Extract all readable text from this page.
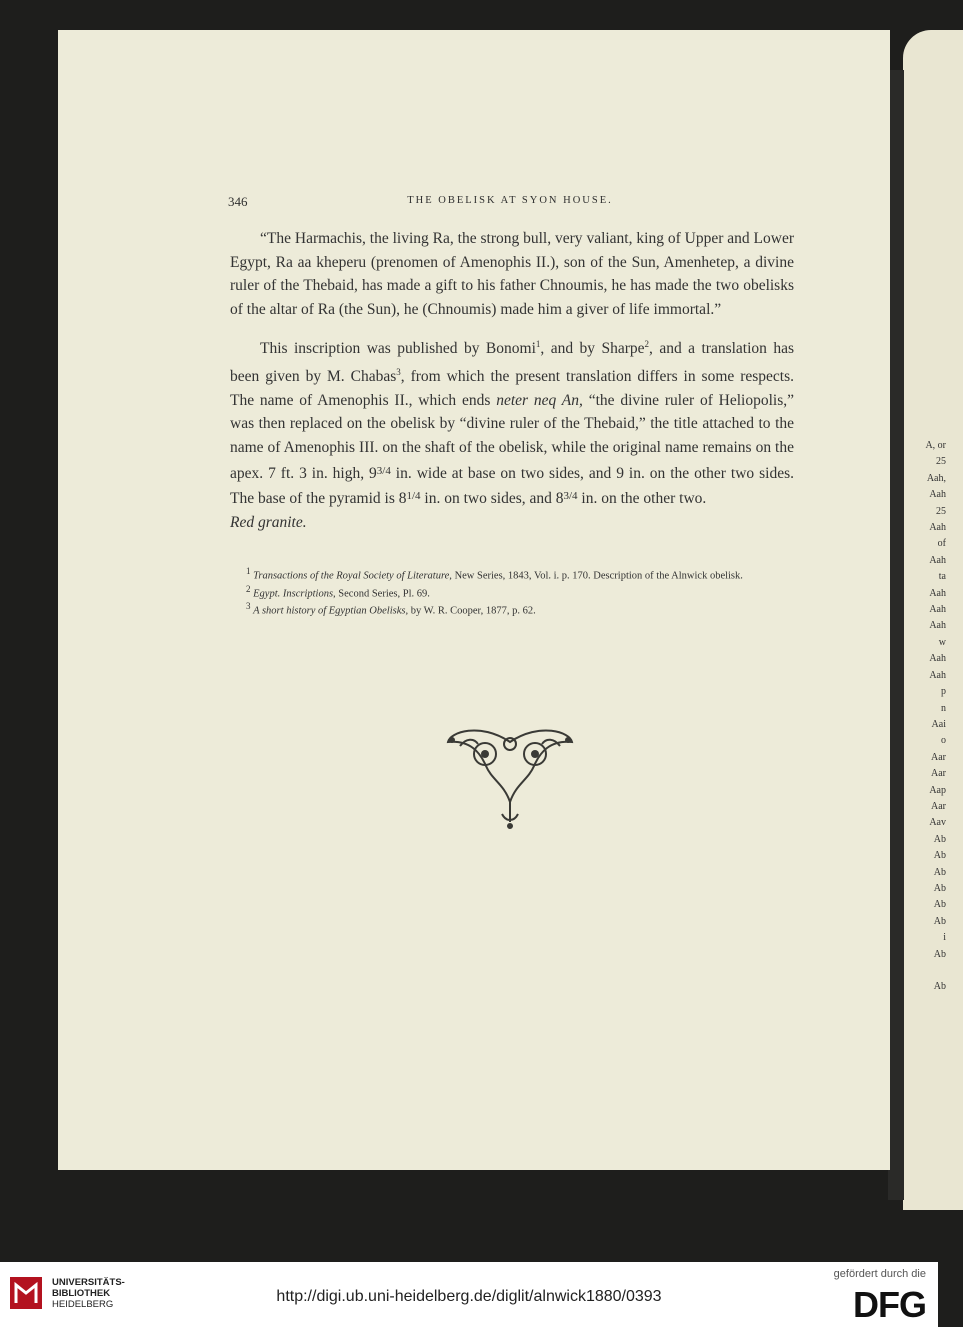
346	THE OBELISK AT SYON HOUSE.

“The Harmachis, the living Ra, the strong bull, very valiant, king of Upper and Lower Egypt, Ra aa kheperu (prenomen of Amenophis II.), son of the Sun, Amenhetep, a divine ruler of the Thebaid, has made a gift to his father Chnoumis, he has made the two obelisks of the altar of Ra (the Sun), he (Chnoumis) made him a giver of life immortal.”

This inscription was published by Bonomi$^1$, and by Sharpe$^2$, and a translation has been given by M. Chabas$^3$, from which the present translation differs in some respects. The name of Amenophis II., which ends neter neq An, “the divine ruler of Heliopolis,” was then replaced on the obelisk by “divine ruler of the Thebaid,” the title attached to the name of Amenophis III. on the shaft of the obelisk, while the original name remains on the apex. 7 ft. 3 in. high, $9^{3/4}$ in. wide at base on two sides, and 9 in. on the other two sides. The base of the pyramid is $8^{1/4}$ in. on two sides, and $8^{3/4}$ in. on the other two.
Red granite.

$^1$ Transactions of the Royal Society of Literature, New Series, 1843, Vol. i. p. 170. Description of the Alnwick obelisk.
$^2$ Egypt. Inscriptions, Second Series, Pl. 69.
$^3$ A short history of Egyptian Obelisks, by W. R. Cooper, 1877, p. 62.
A, or
25
Aah,
Aah
25
Aah
of
Aah
ta
Aah
Aah
Aah
w
Aah
Aah
p
n
Aai
o
Aar
Aar
Aap
Aar
Aav
Ab
Ab
Ab
Ab
Ab
Ab
i
Ab

Ab
UNIVERSITÄTS-
BIBLIOTHEK
HEIDELBERG	http://digi.ub.uni-heidelberg.de/diglit/alnwick1880/0393
gefördert durch die
DFG
